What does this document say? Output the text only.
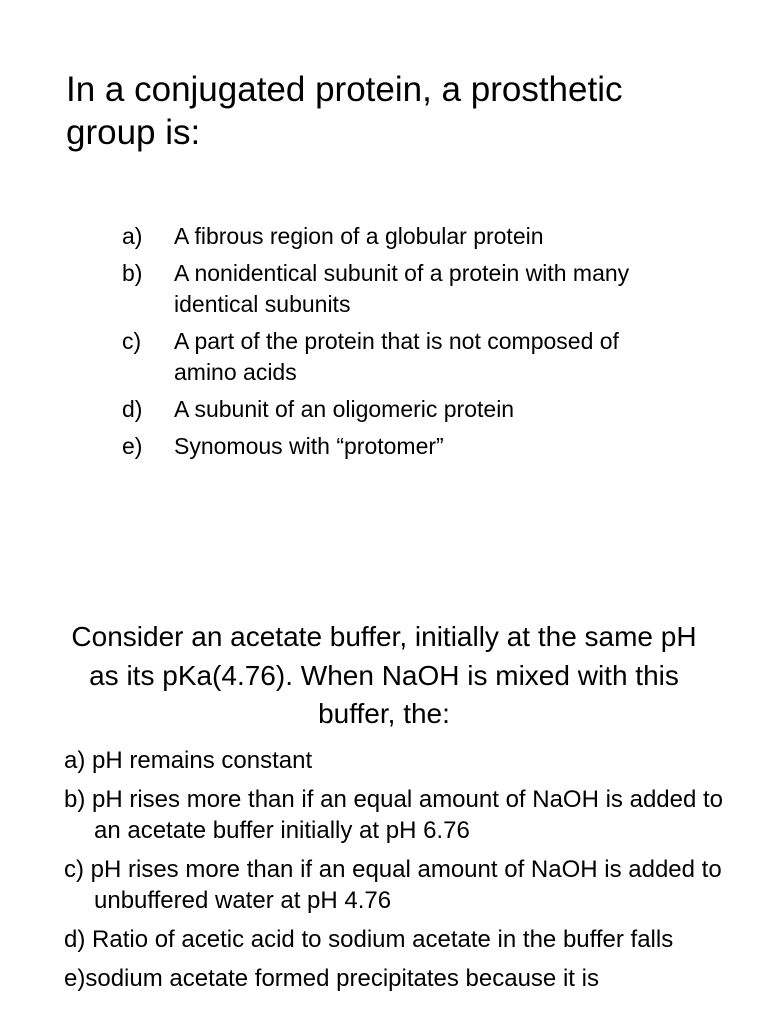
In a conjugated protein, a prosthetic group is:
a)	A fibrous region of a globular protein
b)	A nonidentical subunit of a protein with many identical subunits
c)	A part of the protein that is not composed of amino acids
d)	A subunit of an oligomeric protein
e)	Synomous with “protomer”
Consider an acetate buffer, initially at the same pH as its pKa(4.76). When NaOH is mixed with this buffer, the:
a) pH remains constant
b) pH rises more than if an equal amount of NaOH is added to an acetate buffer initially at pH 6.76
c) pH rises more than if an equal amount of NaOH is added to unbuffered water at pH 4.76
d) Ratio of acetic acid to sodium acetate in the buffer falls
e)sodium acetate formed precipitates because it is
